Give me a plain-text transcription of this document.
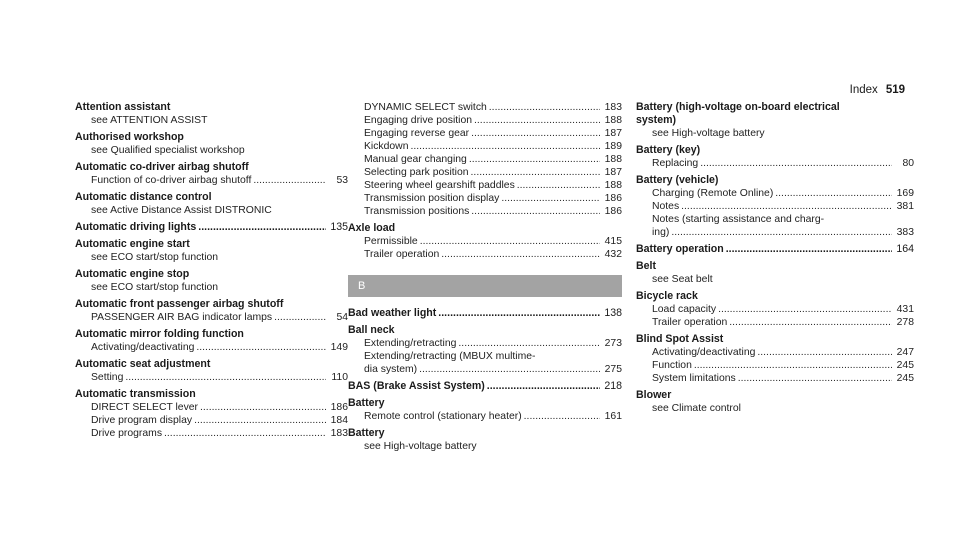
Index 519
Attention assistant
see ATTENTION ASSIST
Authorised workshop
see Qualified specialist workshop
Automatic co-driver airbag shutoff
Function of co-driver airbag shutoff .....	53
Automatic distance control
see Active Distance Assist DISTRONIC
Automatic driving lights .....	135
Automatic engine start
see ECO start/stop function
Automatic engine stop
see ECO start/stop function
Automatic front passenger airbag shutoff
PASSENGER AIR BAG indicator lamps .....	54
Automatic mirror folding function
Activating/deactivating .....	149
Automatic seat adjustment
Setting .....	110
Automatic transmission
DIRECT SELECT lever .....	186
Drive program display .....	184
Drive programs .....	183
DYNAMIC SELECT switch .....	183
Engaging drive position .....	188
Engaging reverse gear .....	187
Kickdown .....	189
Manual gear changing .....	188
Selecting park position .....	187
Steering wheel gearshift paddles .....	188
Transmission position display .....	186
Transmission positions .....	186
Axle load
Permissible .....	415
Trailer operation .....	432
B
Bad weather light .....	138
Ball neck
Extending/retracting .....	273
Extending/retracting (MBUX multime-
dia system) .....	275
BAS (Brake Assist System) .....	218
Battery
Remote control (stationary heater) .....	161
Battery
see High-voltage battery
Battery (high-voltage on-board electrical
system)
see High-voltage battery
Battery (key)
Replacing .....	80
Battery (vehicle)
Charging (Remote Online) .....	169
Notes .....	381
Notes (starting assistance and charg-
ing) .....	383
Battery operation .....	164
Belt
see Seat belt
Bicycle rack
Load capacity .....	431
Trailer operation .....	278
Blind Spot Assist
Activating/deactivating .....	247
Function .....	245
System limitations .....	245
Blower
see Climate control
